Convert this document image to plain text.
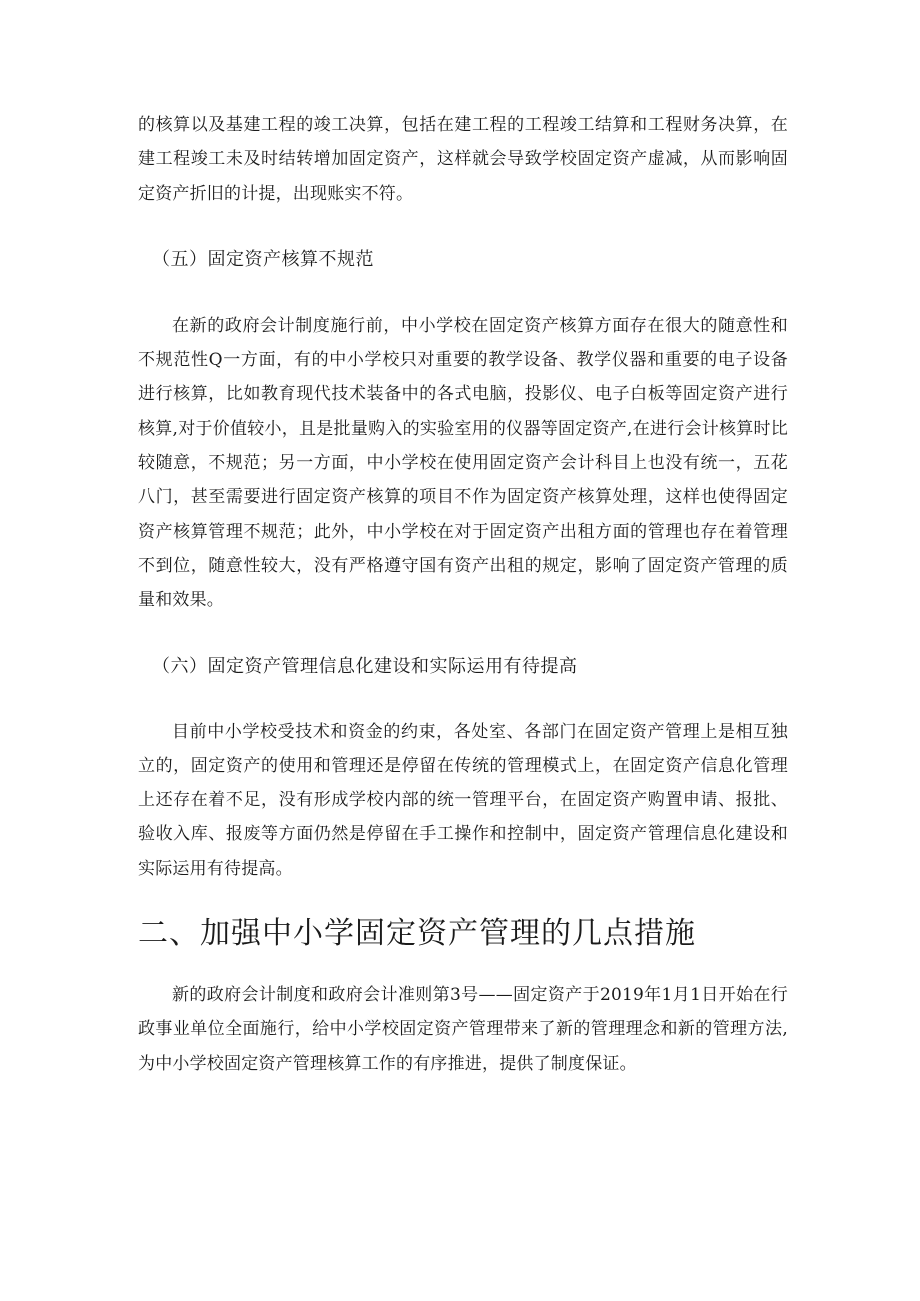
的核算以及基建工程的竣工决算，包括在建工程的工程竣工结算和工程财务决算，在建工程竣工未及时结转增加固定资产，这样就会导致学校固定资产虚减，从而影响固定资产折旧的计提，出现账实不符。

（五）固定资产核算不规范

在新的政府会计制度施行前，中小学校在固定资产核算方面存在很大的随意性和不规范性Q一方面，有的中小学校只对重要的教学设备、教学仪器和重要的电子设备进行核算，比如教育现代技术装备中的各式电脑，投影仪、电子白板等固定资产进行核算,对于价值较小，且是批量购入的实验室用的仪器等固定资产,在进行会计核算时比较随意，不规范；另一方面，中小学校在使用固定资产会计科目上也没有统一，五花八门，甚至需要进行固定资产核算的项目不作为固定资产核算处理，这样也使得固定资产核算管理不规范；此外，中小学校在对于固定资产出租方面的管理也存在着管理不到位，随意性较大，没有严格遵守国有资产出租的规定，影响了固定资产管理的质量和效果。

（六）固定资产管理信息化建设和实际运用有待提高

目前中小学校受技术和资金的约束，各处室、各部门在固定资产管理上是相互独立的，固定资产的使用和管理还是停留在传统的管理模式上，在固定资产信息化管理上还存在着不足，没有形成学校内部的统一管理平台，在固定资产购置申请、报批、验收入库、报废等方面仍然是停留在手工操作和控制中，固定资产管理信息化建设和实际运用有待提高。

二、加强中小学固定资产管理的几点措施

新的政府会计制度和政府会计准则第3号——固定资产于2019年1月1日开始在行政事业单位全面施行，给中小学校固定资产管理带来了新的管理理念和新的管理方法,为中小学校固定资产管理核算工作的有序推进，提供了制度保证。
